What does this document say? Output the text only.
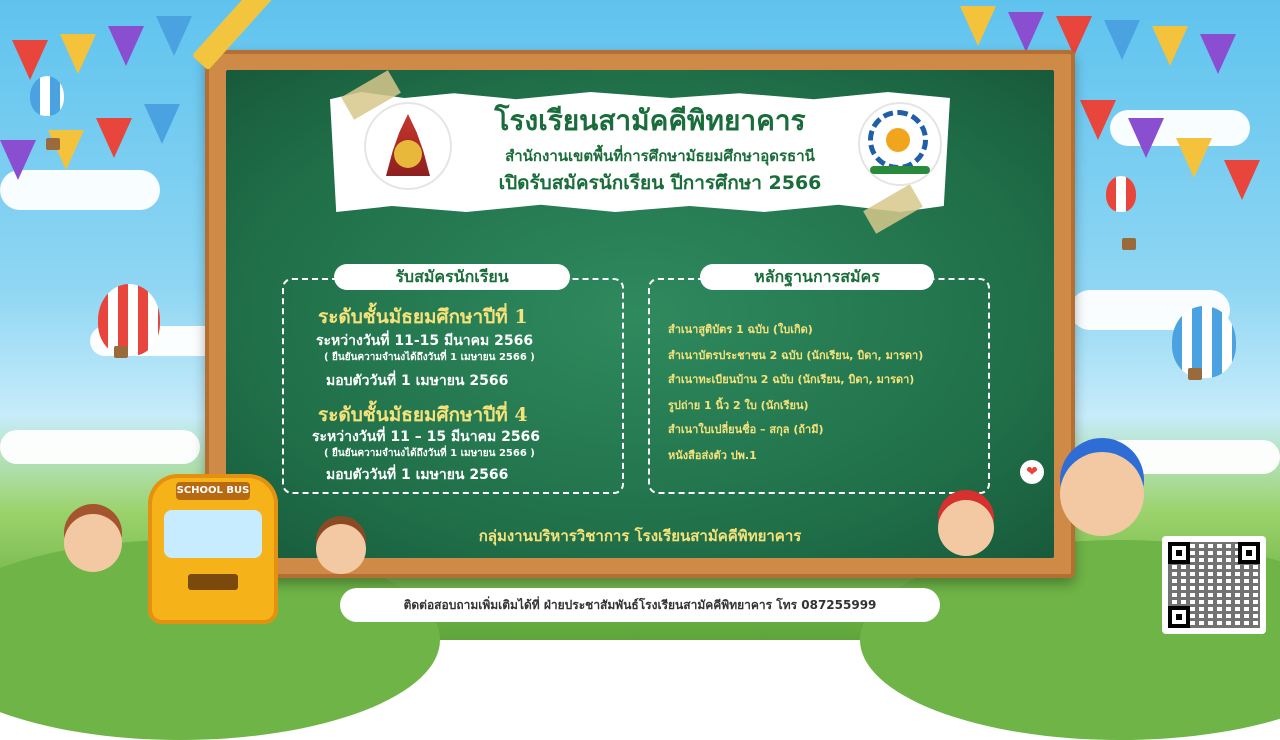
โรงเรียนสามัคคีพิทยาคาร
สำนักงานเขตพื้นที่การศึกษามัธยมศึกษาอุดรธานี
เปิดรับสมัครนักเรียน ปีการศึกษา 2566
รับสมัครนักเรียน
ระดับชั้นมัธยมศึกษาปีที่ 1
ระหว่างวันที่ 11-15 มีนาคม 2566
( ยืนยันความจำนงได้ถึงวันที่ 1 เมษายน 2566 )
มอบตัววันที่ 1 เมษายน 2566
ระดับชั้นมัธยมศึกษาปีที่ 4
ระหว่างวันที่ 11 – 15 มีนาคม 2566
( ยืนยันความจำนงได้ถึงวันที่ 1 เมษายน 2566 )
มอบตัววันที่ 1 เมษายน 2566
หลักฐานการสมัคร
สำเนาสูติบัตร 1 ฉบับ (ใบเกิด)
สำเนาบัตรประชาชน 2 ฉบับ (นักเรียน, บิดา, มารดา)
สำเนาทะเบียนบ้าน 2 ฉบับ (นักเรียน, บิดา, มารดา)
รูปถ่าย 1 นิ้ว 2 ใบ (นักเรียน)
สำเนาใบเปลี่ยนชื่อ – สกุล (ถ้ามี)
หนังสือส่งตัว ปพ.1
กลุ่มงานบริหารวิชาการ โรงเรียนสามัคคีพิทยาคาร
ติดต่อสอบถามเพิ่มเติมได้ที่ ฝ่ายประชาสัมพันธ์โรงเรียนสามัคคีพิทยาคาร โทร 087255999
SCHOOL BUS
❤
